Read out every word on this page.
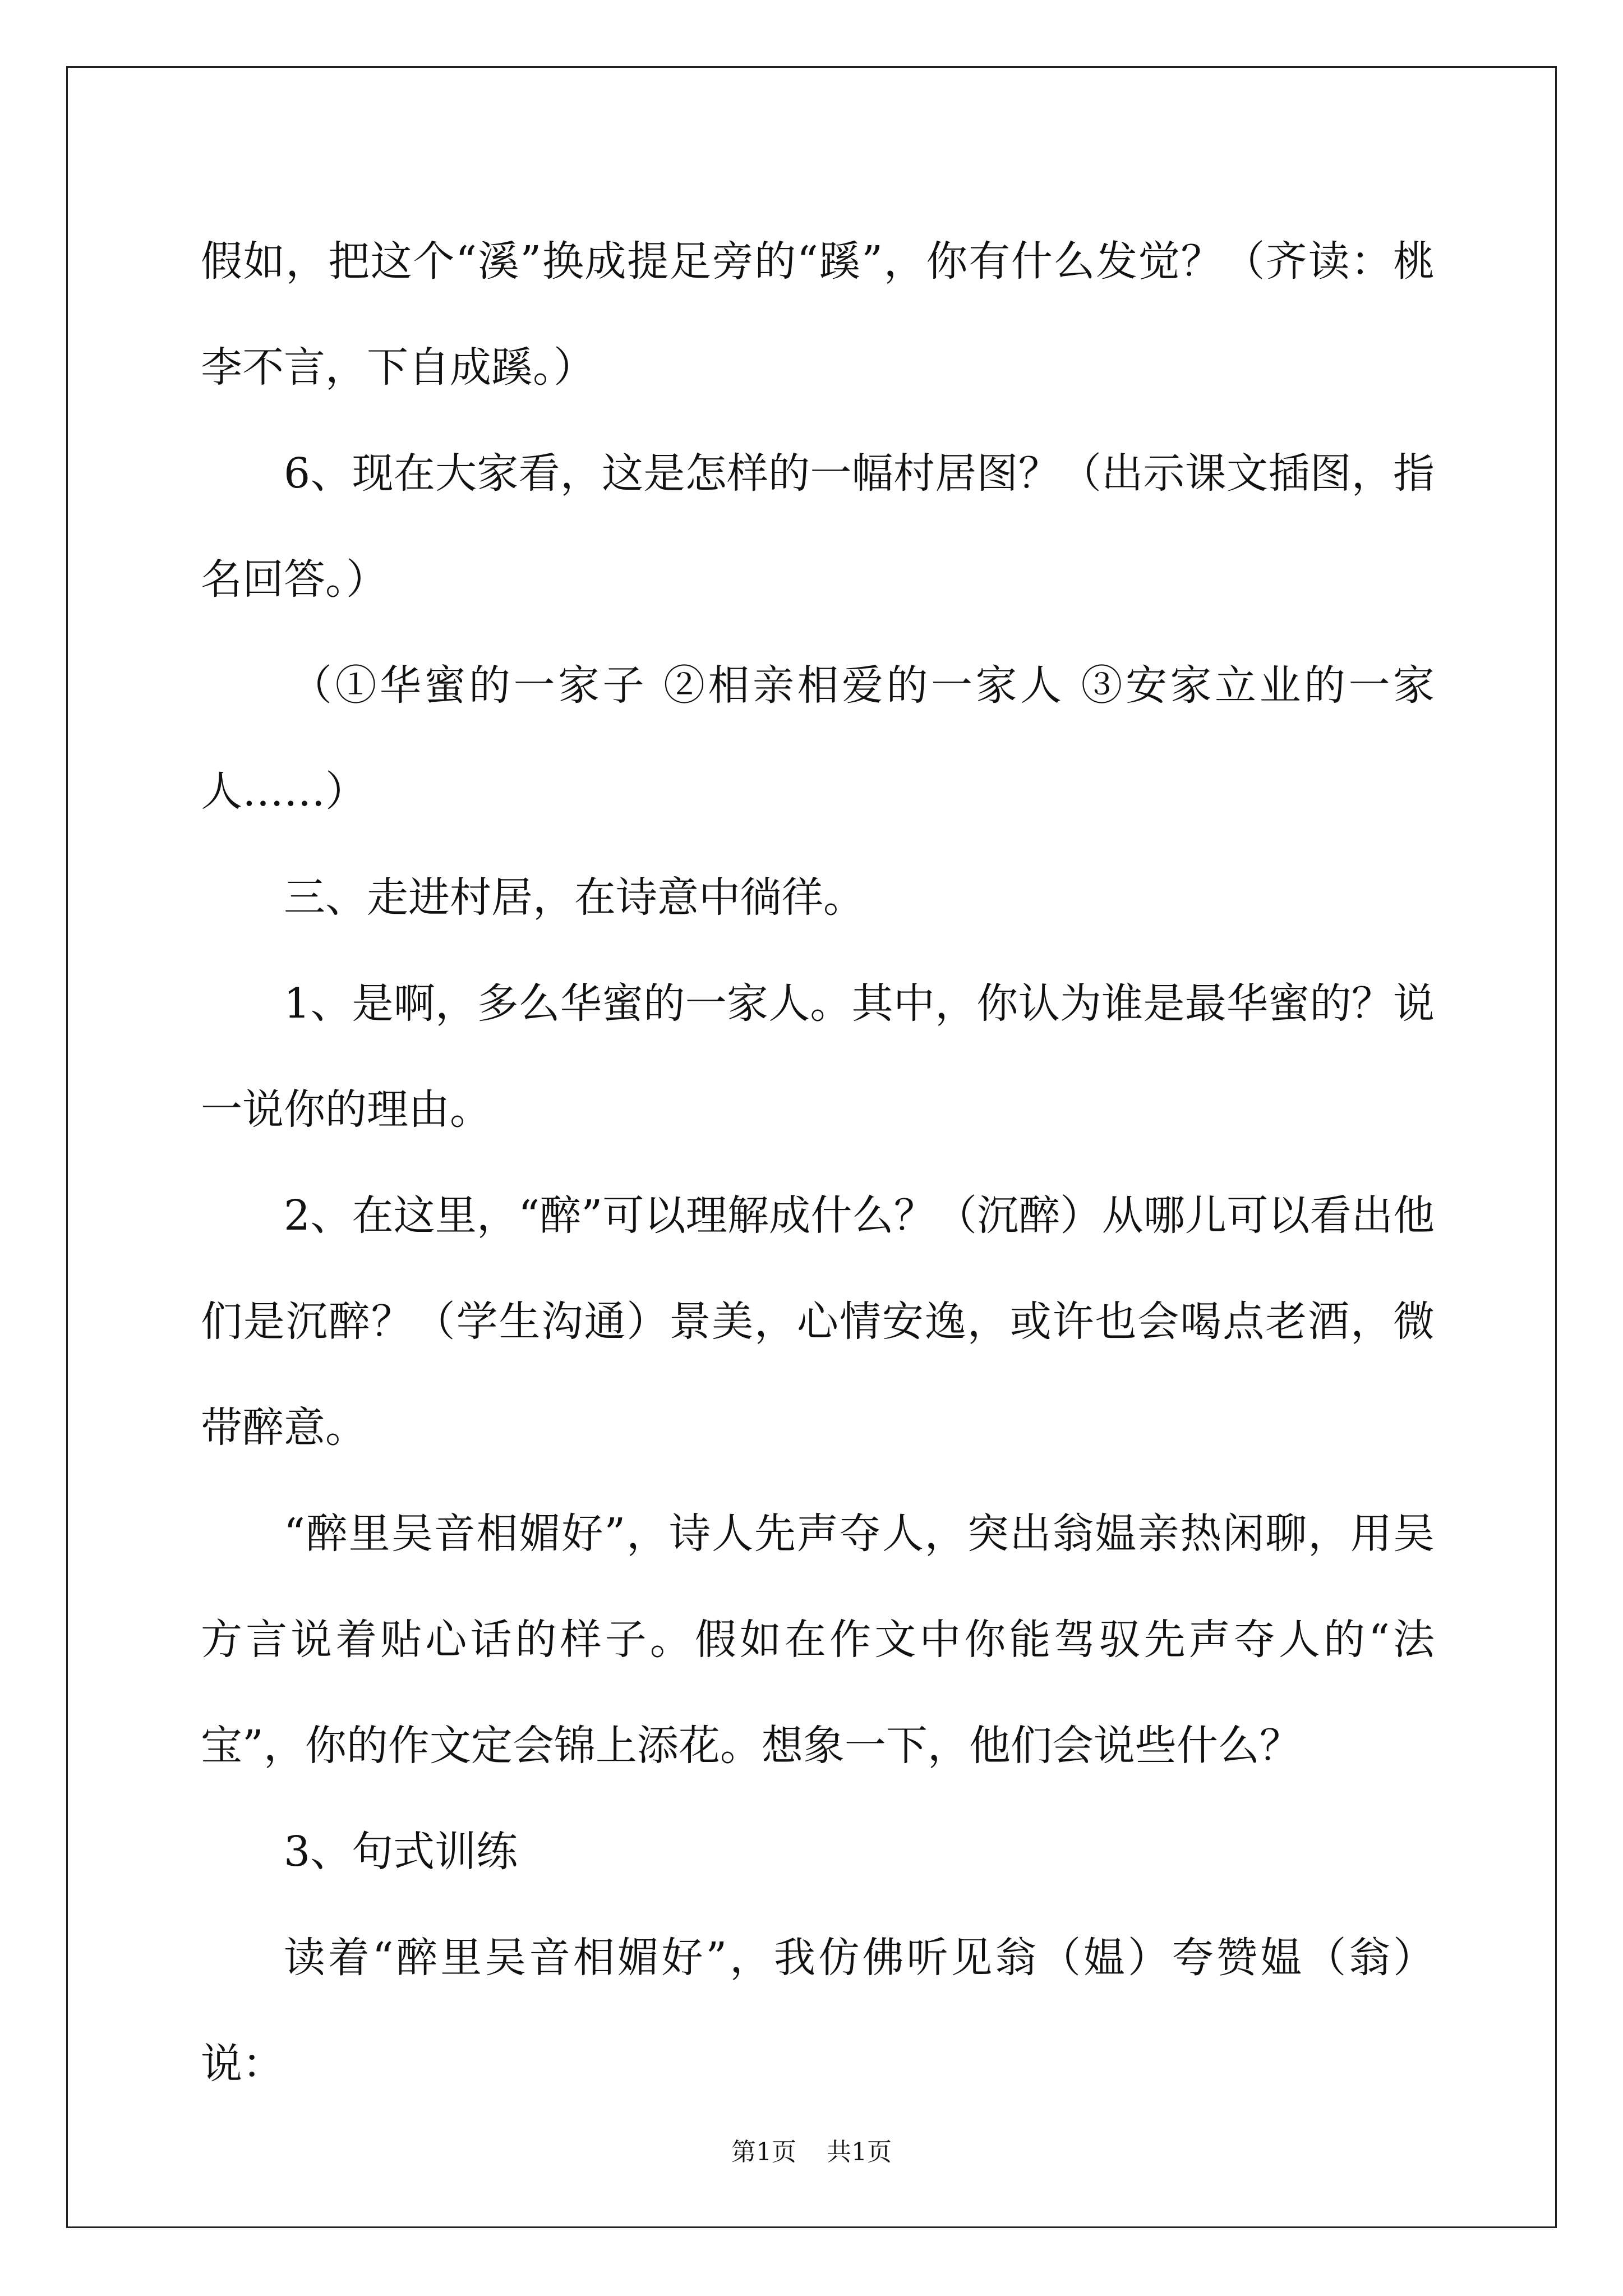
假如，把这个“溪”换成提足旁的“蹊”，你有什么发觉？（齐读：桃李不言，下自成蹊。）

6、现在大家看，这是怎样的一幅村居图？（出示课文插图，指名回答。）

（①华蜜的一家子 ②相亲相爱的一家人 ③安家立业的一家人……）

三、走进村居，在诗意中徜徉。

1、是啊，多么华蜜的一家人。其中，你认为谁是最华蜜的？说一说你的理由。

2、在这里，“醉”可以理解成什么？（沉醉）从哪儿可以看出他们是沉醉？（学生沟通）景美，心情安逸，或许也会喝点老酒，微带醉意。

“醉里吴音相媚好”，诗人先声夺人，突出翁媪亲热闲聊，用吴方言说着贴心话的样子。假如在作文中你能驾驭先声夺人的“法宝”，你的作文定会锦上添花。想象一下，他们会说些什么？

3、句式训练

读着“醉里吴音相媚好”，我仿佛听见翁（媪）夸赞媪（翁）说：

第1页 共1页
